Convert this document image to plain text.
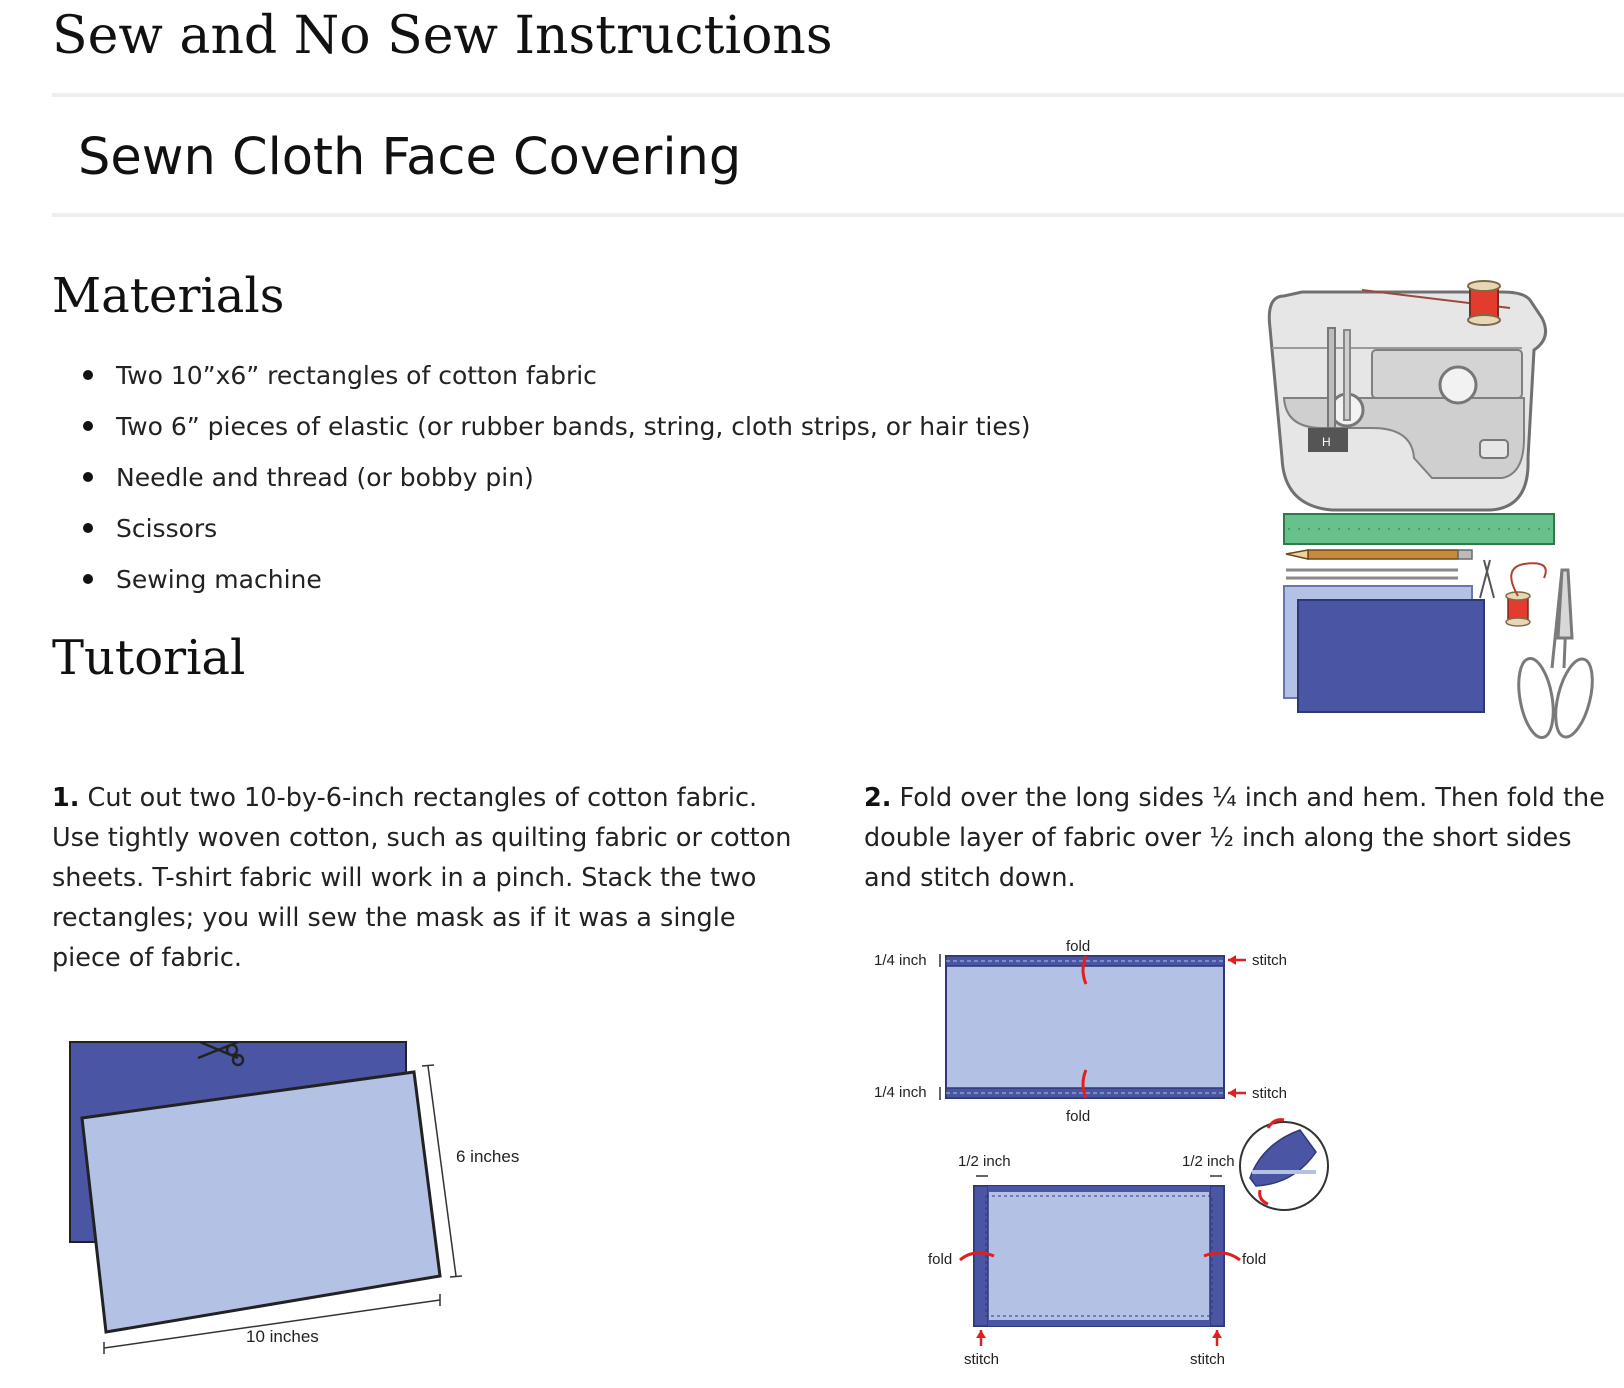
Sew and No Sew Instructions
Sewn Cloth Face Covering
Materials
Two 10”x6” rectangles of cotton fabric
Two 6” pieces of elastic (or rubber bands, string, cloth strips, or hair ties)
Needle and thread (or bobby pin)
Scissors
Sewing machine
Tutorial
H

1. Cut out two 10-by-6-inch rectangles of cotton fabric. Use tightly woven cotton, such as quilting fabric or cotton sheets. T-shirt fabric will work in a pinch. Stack the two rectangles; you will sew the mask as if it was a single piece of fabric.

6 inches
10 inches

2. Fold over the long sides ¼ inch and hem. Then fold the double layer of fabric over ½ inch along the short sides and stitch down.

fold
1/4 inch	stitch
1/4 inch	stitch
fold
1/2 inch	1/2 inch
fold	fold
stitch	stitch
